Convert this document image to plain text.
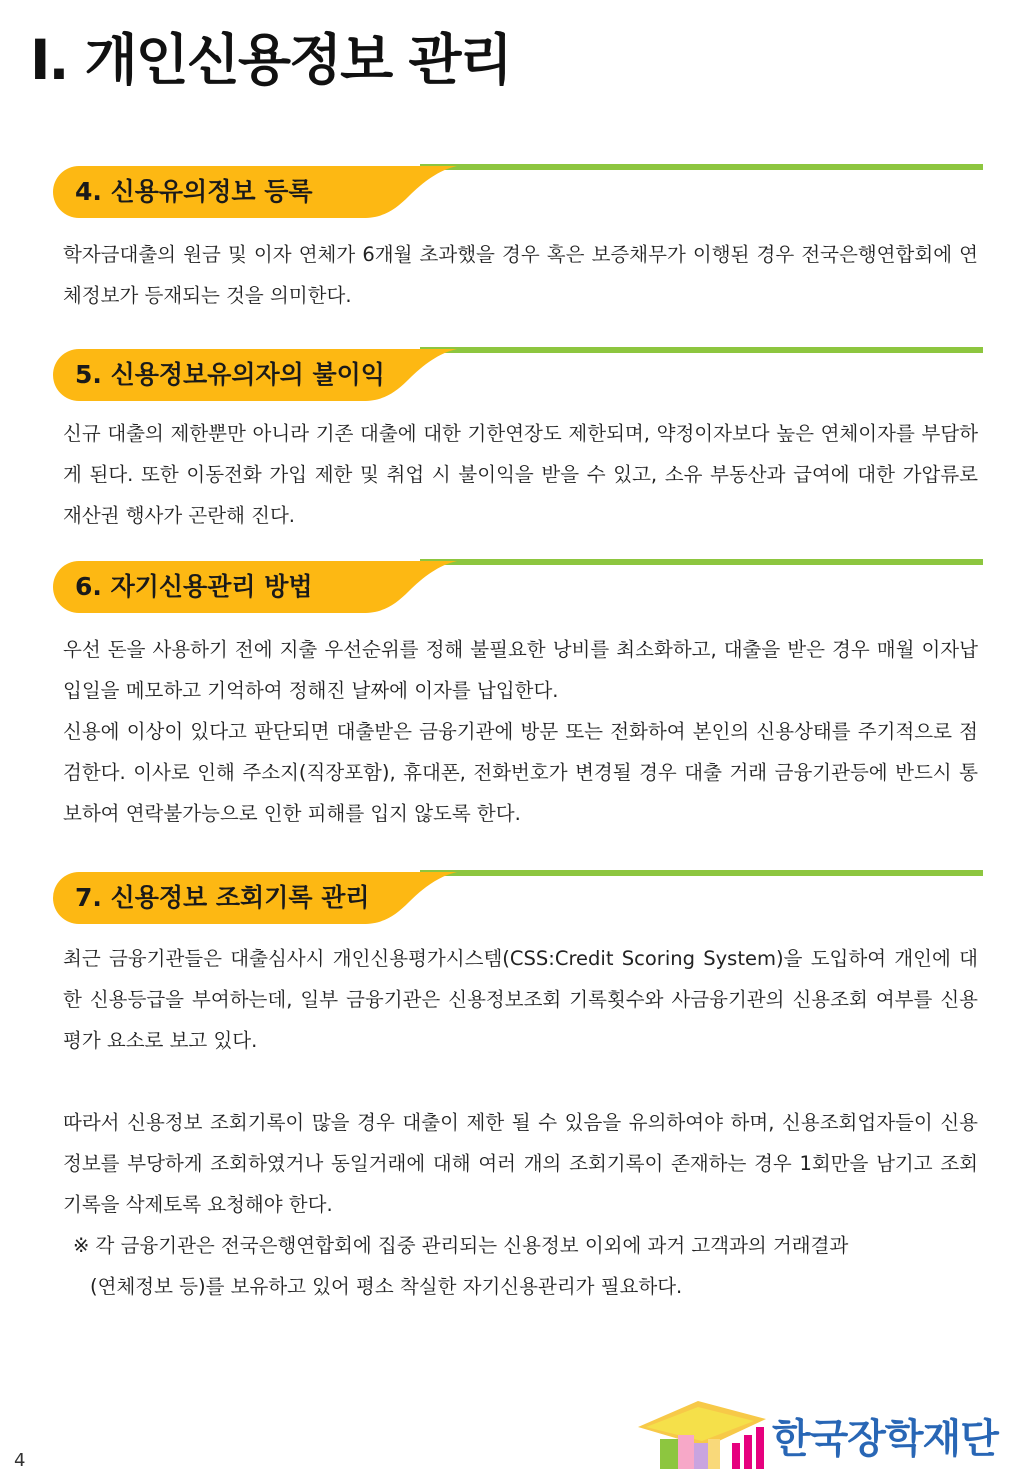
I. 개인신용정보 관리
4. 신용유의정보 등록

학자금대출의 원금 및 이자 연체가 6개월 초과했을 경우 혹은 보증채무가 이행된 경우 전국은행연합회에 연체정보가 등재되는 것을 의미한다.

5. 신용정보유의자의 불이익

신규 대출의 제한뿐만 아니라 기존 대출에 대한 기한연장도 제한되며, 약정이자보다 높은 연체이자를 부담하게 된다. 또한 이동전화 가입 제한 및 취업 시 불이익을 받을 수 있고, 소유 부동산과 급여에 대한 가압류로 재산권 행사가 곤란해 진다.

6. 자기신용관리 방법

우선 돈을 사용하기 전에 지출 우선순위를 정해 불필요한 낭비를 최소화하고, 대출을 받은 경우 매월 이자납입일을 메모하고 기억하여 정해진 날짜에 이자를 납입한다.

신용에 이상이 있다고 판단되면 대출받은 금융기관에 방문 또는 전화하여 본인의 신용상태를 주기적으로 점검한다. 이사로 인해 주소지(직장포함), 휴대폰, 전화번호가 변경될 경우 대출 거래 금융기관등에 반드시 통보하여 연락불가능으로 인한 피해를 입지 않도록 한다.

7. 신용정보 조회기록 관리

최근 금융기관들은 대출심사시 개인신용평가시스템(CSS:Credit Scoring System)을 도입하여 개인에 대한 신용등급을 부여하는데, 일부 금융기관은 신용정보조회 기록횟수와 사금융기관의 신용조회 여부를 신용평가 요소로 보고 있다.

따라서 신용정보 조회기록이 많을 경우 대출이 제한 될 수 있음을 유의하여야 하며, 신용조회업자들이 신용정보를 부당하게 조회하였거나 동일거래에 대해 여러 개의 조회기록이 존재하는 경우 1회만을 남기고 조회기록을 삭제토록 요청해야 한다.

※ 각 금융기관은 전국은행연합회에 집중 관리되는 신용정보 이외에 과거 고객과의 거래결과

(연체정보 등)를 보유하고 있어 평소 착실한 자기신용관리가 필요하다.

4	한국장학재단
